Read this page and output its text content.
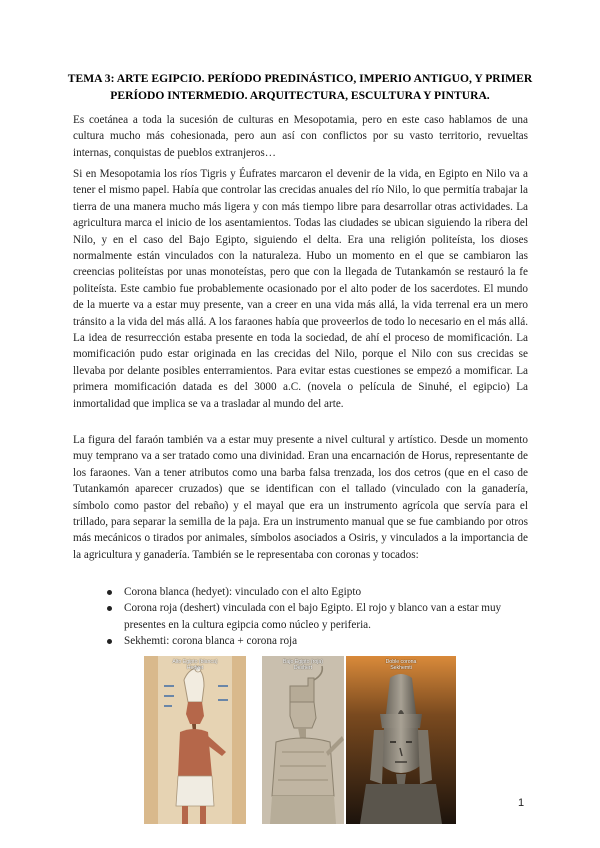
TEMA 3: ARTE EGIPCIO. PERÍODO PREDINÁSTICO, IMPERIO ANTIGUO, Y PRIMER PERÍODO INTERMEDIO. ARQUITECTURA, ESCULTURA Y PINTURA.

Es coetánea a toda la sucesión de culturas en Mesopotamia, pero en este caso hablamos de una cultura mucho más cohesionada, pero aun así con conflictos por su vasto territorio, revueltas internas, conquistas de pueblos extranjeros…

Si en Mesopotamia los ríos Tigris y Éufrates marcaron el devenir de la vida, en Egipto en Nilo va a tener el mismo papel. Había que controlar las crecidas anuales del río Nilo, lo que permitía trabajar la tierra de una manera mucho más ligera y con más tiempo libre para desarrollar otras actividades. La agricultura marca el inicio de los asentamientos. Todas las ciudades se ubican siguiendo la ribera del Nilo, y en el caso del Bajo Egipto, siguiendo el delta. Era una religión politeísta, los dioses normalmente están vinculados con la naturaleza. Hubo un momento en el que se cambiaron las creencias politeístas por unas monoteístas, pero que con la llegada de Tutankamón se restauró la fe politeísta. Este cambio fue probablemente ocasionado por el alto poder de los sacerdotes. El mundo de la muerte va a estar muy presente, van a creer en una vida más allá, la vida terrenal era un mero tránsito a la vida del más allá. A los faraones había que proveerlos de todo lo necesario en el más allá. La idea de resurrección estaba presente en toda la sociedad, de ahí el proceso de momificación. La momificación pudo estar originada en las crecidas del Nilo, porque el Nilo con sus crecidas se llevaba por delante posibles enterramientos. Para evitar estas cuestiones se empezó a momificar. La primera momificación datada es del 3000 a.C. (novela o película de Sinuhé, el egipcio) La inmortalidad que implica se va a trasladar al mundo del arte.

La figura del faraón también va a estar muy presente a nivel cultural y artístico. Desde un momento muy temprano va a ser tratado como una divinidad. Eran una encarnación de Horus, representante de los faraones. Van a tener atributos como una barba falsa trenzada, los dos cetros (que en el caso de Tutankamón aparecer cruzados) que se identifican con el tallado (vinculado con la ganadería, símbolo como pastor del rebaño) y el mayal que era un instrumento agrícola que servía para el trillado, para separar la semilla de la paja. Era un instrumento manual que se fue cambiando por otros más mecánicos o tirados por animales, símbolos asociados a Osiris, y vinculados a la importancia de la agricultura y ganadería. También se le representaba con coronas y tocados:

Corona blanca (hedyet): vinculado con el alto Egipto
Corona roja (deshert) vinculada con el bajo Egipto. El rojo y blanco van a estar muy presentes en la cultura egipcia como núcleo y periferia.
Sekhemti: corona blanca + corona roja
Alto Egipto (blanca)
Hedyet
Bajo Egipto (roja)
Deshert
Doble corona
Sekhemti
1
